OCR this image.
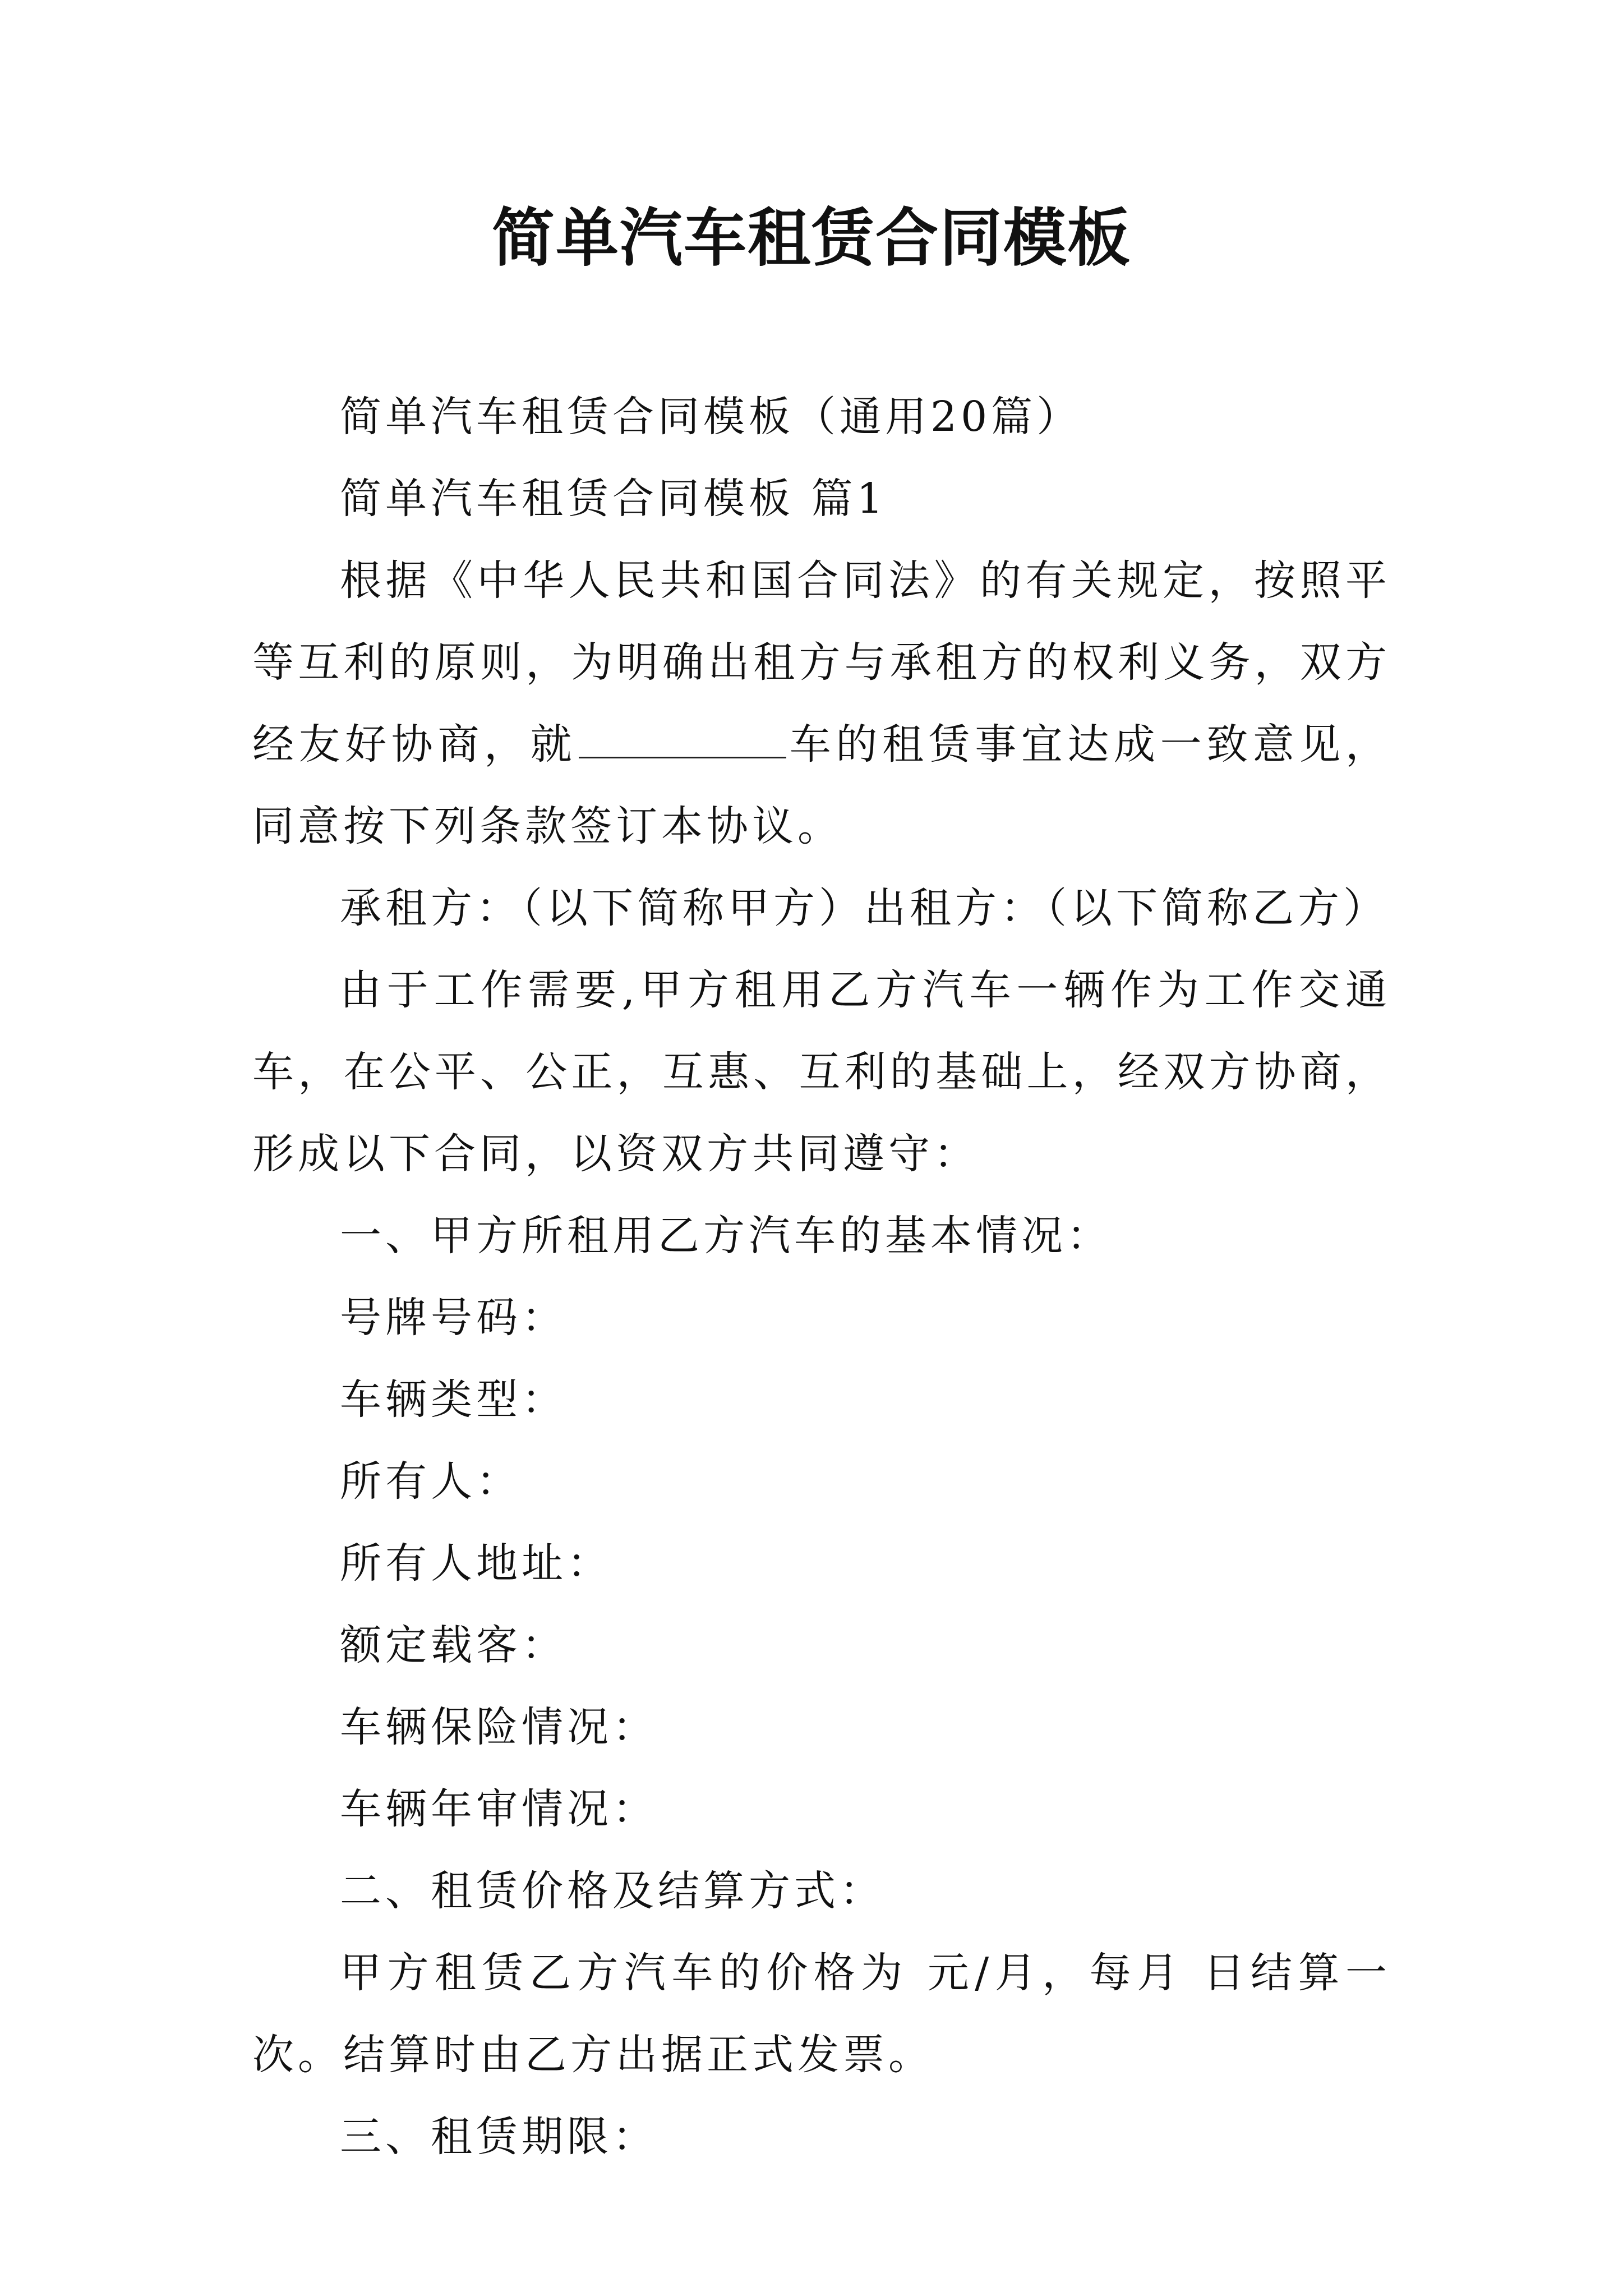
简单汽车租赁合同模板

简单汽车租赁合同模板（通用20篇）

简单汽车租赁合同模板 篇1

根据《中华人民共和国合同法》的有关规定，按照平等互利的原则，为明确出租方与承租方的权利义务，双方经友好协商，就	车的租赁事宜达成一致意见，同意按下列条款签订本协议。

承租方：（以下简称甲方）出租方：（以下简称乙方）

由于工作需要,甲方租用乙方汽车一辆作为工作交通车，在公平、公正，互惠、互利的基础上，经双方协商，形成以下合同，以资双方共同遵守：

一、甲方所租用乙方汽车的基本情况：

号牌号码：

车辆类型：

所有人：

所有人地址：

额定载客：

车辆保险情况：

车辆年审情况：

二、租赁价格及结算方式：

甲方租赁乙方汽车的价格为 元/月，每月 日结算一次。结算时由乙方出据正式发票。

三、租赁期限：
